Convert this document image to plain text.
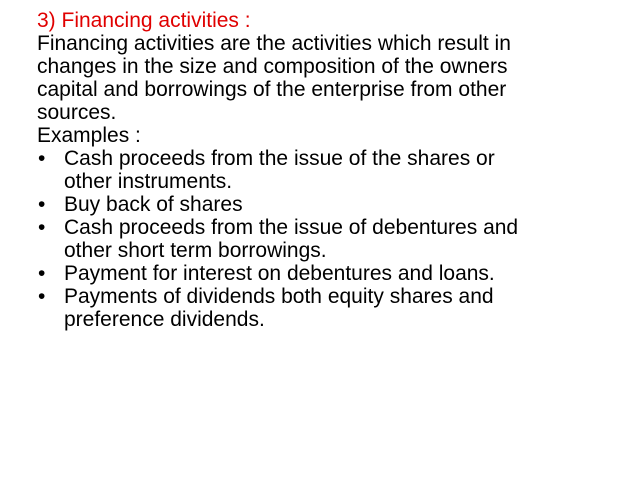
3) Financing activities :

Financing activities are the activities which result in
changes in the size and composition of the owners
capital and borrowings of the enterprise from other
sources.

Examples :

• Cash proceeds from the issue of the shares or
other instruments.
• Buy back of shares
• Cash proceeds from the issue of debentures and
other short term borrowings.
• Payment for interest on debentures and loans.
• Payments of dividends both equity shares and
preference dividends.
